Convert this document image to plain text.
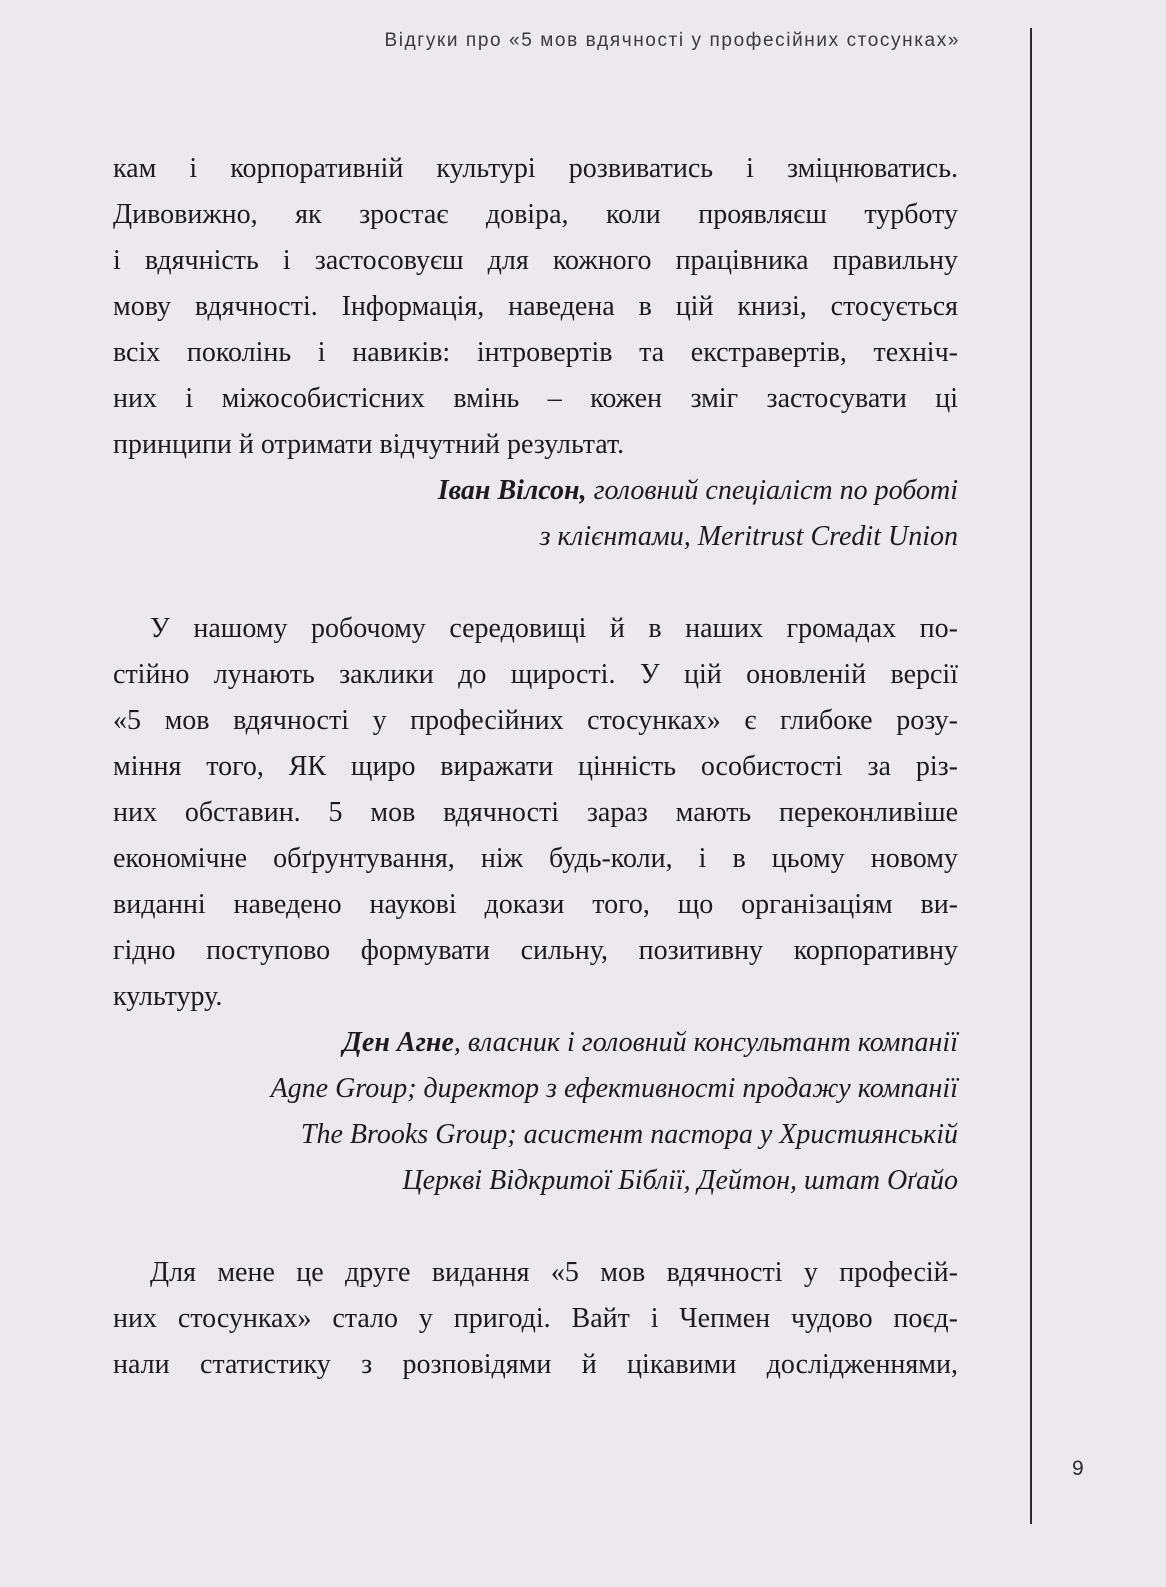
Відгуки про «5 мов вдячності у професійних стосунках»
9

кам і корпоративній культурі розвиватись і зміцнюватись.
Дивовижно, як зростає довіра, коли проявляєш турботу
і вдячність і застосовуєш для кожного працівника правильну
мову вдячності. Інформація, наведена в цій книзі, стосується
всіх поколінь і навиків: інтровертів та екстравертів, техніч-
них і міжособистісних вмінь – кожен зміг застосувати ці
принципи й отримати відчутний результат.

Іван Вілсон, головний спеціаліст по роботі
з клієнтами, Meritrust Credit Union

У нашому робочому середовищі й в наших громадах по-
стійно лунають заклики до щирості. У цій оновленій версії
«5 мов вдячності у професійних стосунках» є глибоке розу-
міння того, ЯК щиро виражати цінність особистості за різ-
них обставин. 5 мов вдячності зараз мають переконливіше
економічне обґрунтування, ніж будь-коли, і в цьому новому
виданні наведено наукові докази того, що організаціям ви-
гідно поступово формувати сильну, позитивну корпоративну
культуру.

Ден Агне, власник і головний консультант компанії
Agne Group; директор з ефективності продажу компанії
The Brooks Group; асистент пастора у Християнській
Церкві Відкритої Біблії, Дейтон, штат Оґайо

Для мене це друге видання «5 мов вдячності у професій-
них стосунках» стало у пригоді. Вайт і Чепмен чудово поєд-
нали статистику з розповідями й цікавими дослідженнями,
